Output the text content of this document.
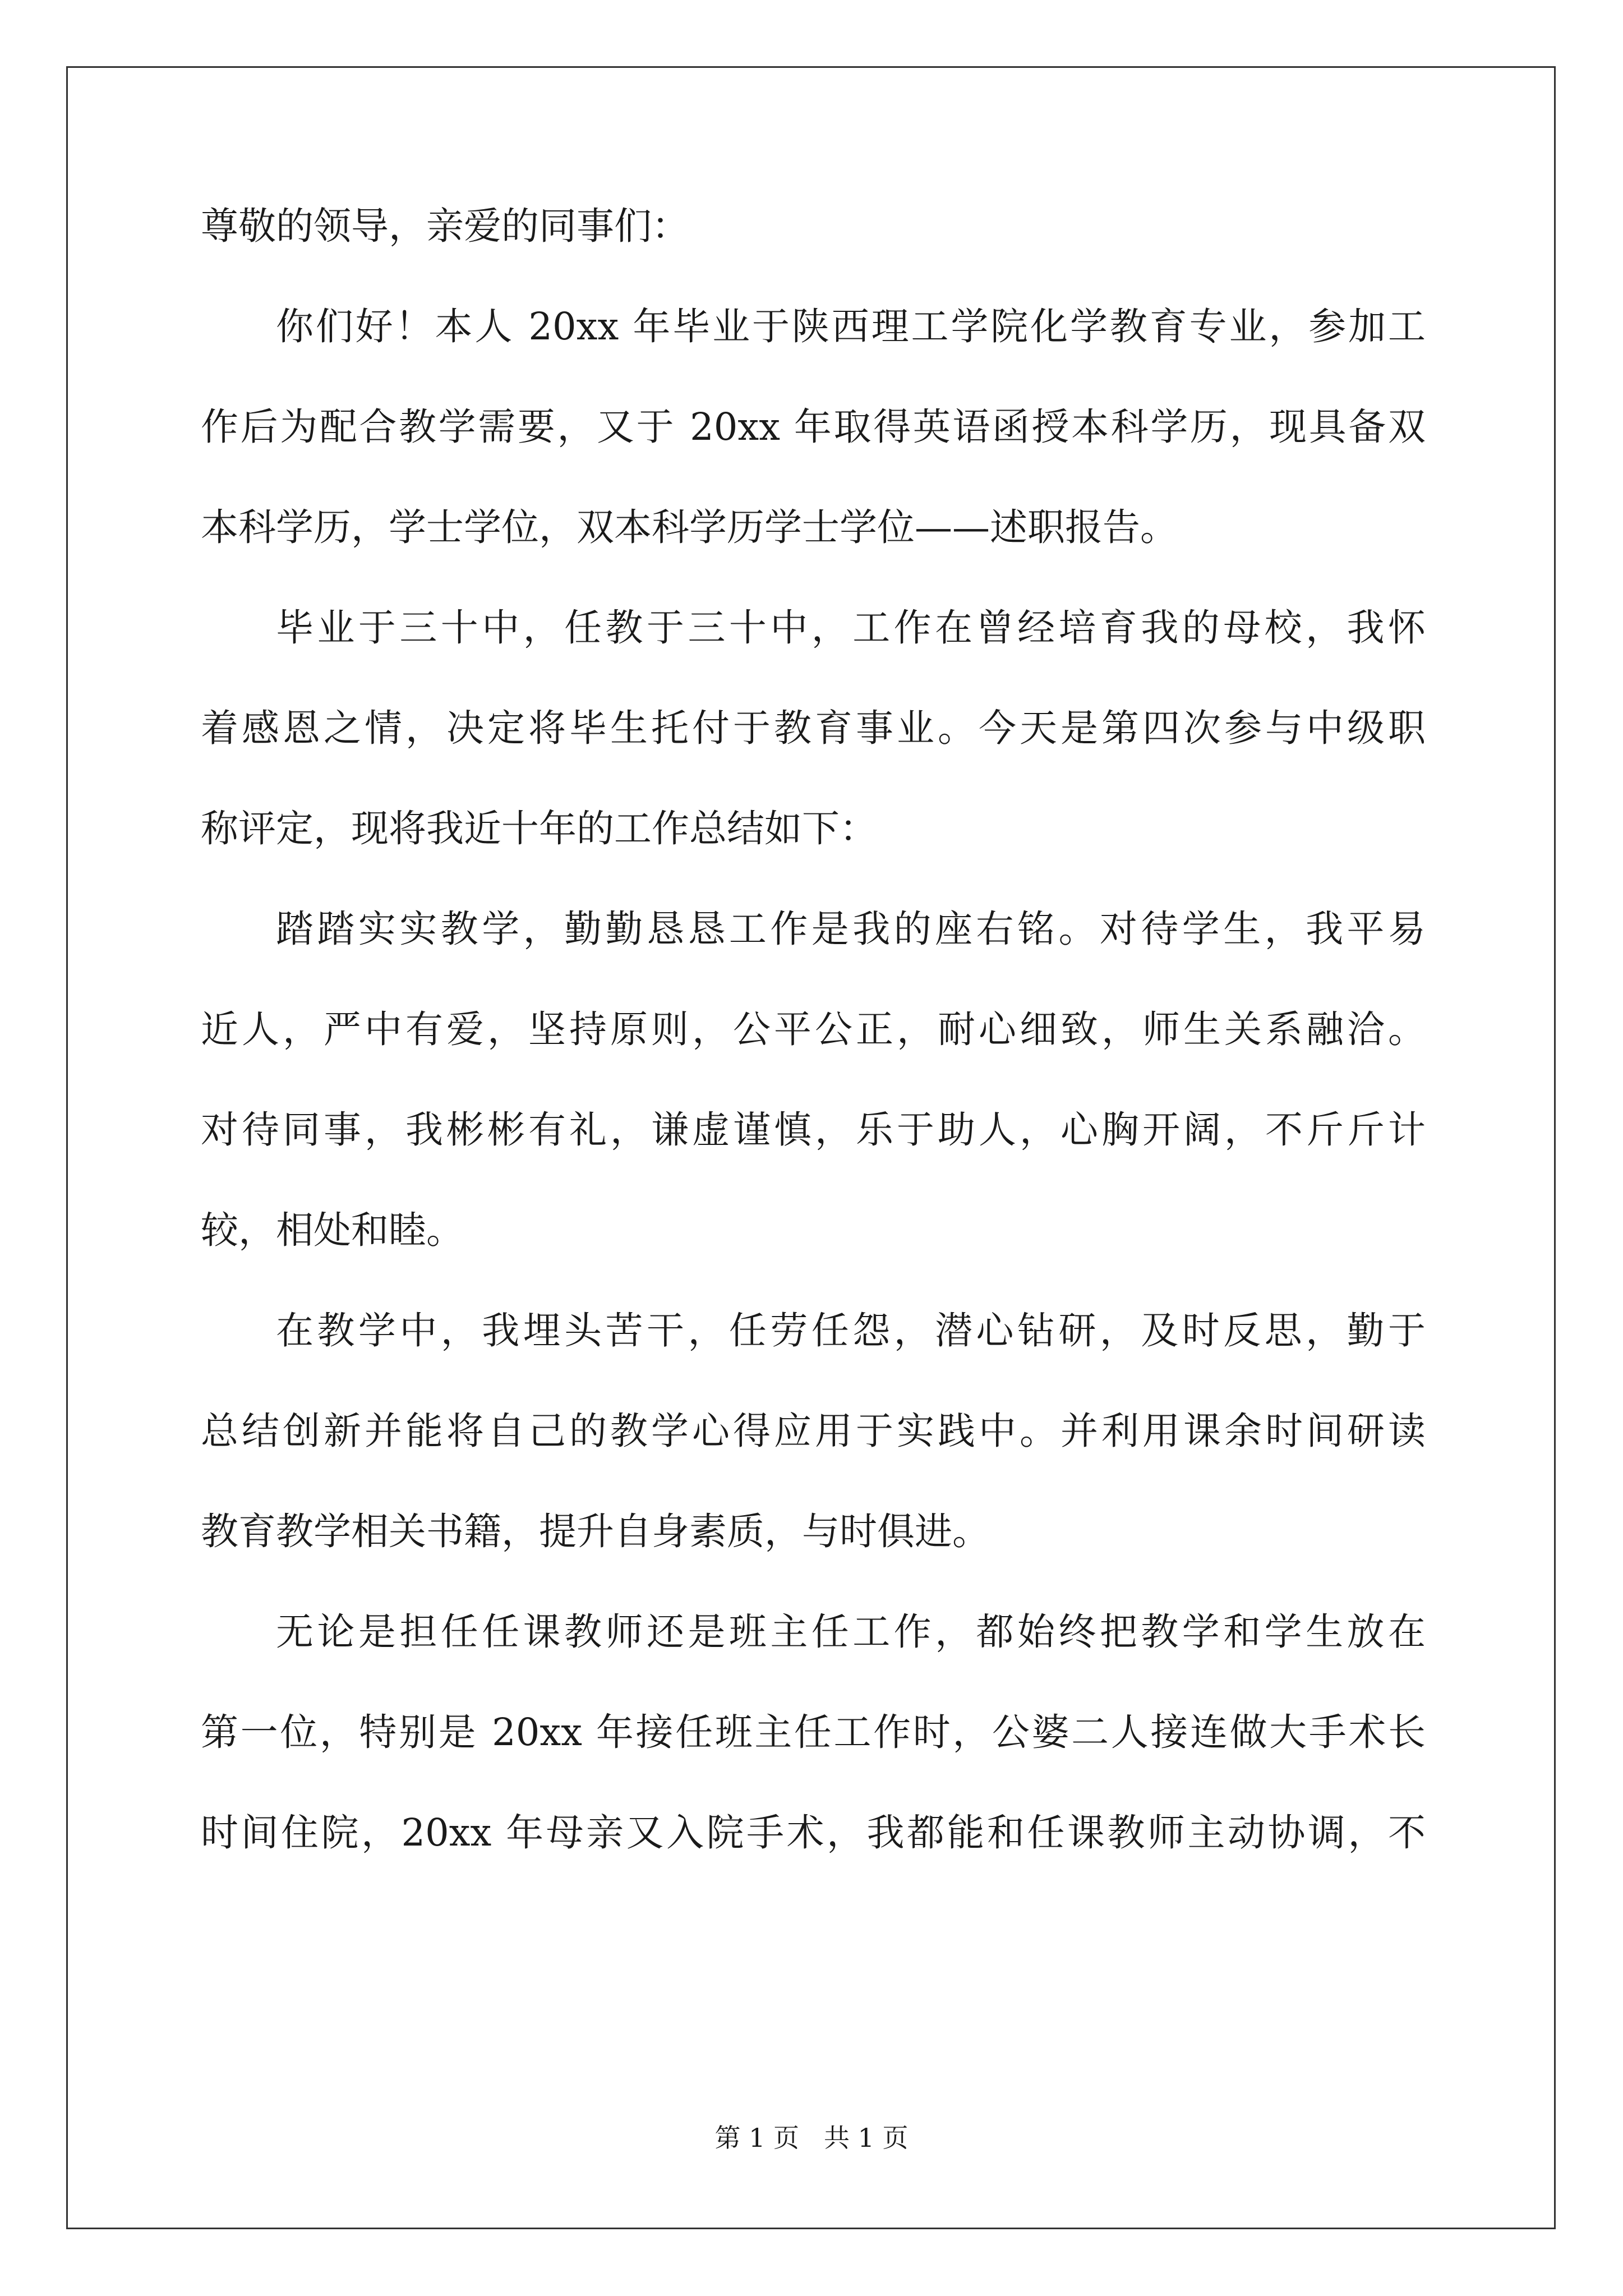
尊敬的领导，亲爱的同事们：

你们好！本人 20xx 年毕业于陕西理工学院化学教育专业，参加工

作后为配合教学需要，又于 20xx 年取得英语函授本科学历，现具备双

本科学历，学士学位，双本科学历学士学位——述职报告。

毕业于三十中，任教于三十中，工作在曾经培育我的母校，我怀

着感恩之情，决定将毕生托付于教育事业。今天是第四次参与中级职

称评定，现将我近十年的工作总结如下：

踏踏实实教学，勤勤恳恳工作是我的座右铭。对待学生，我平易

近人，严中有爱，坚持原则，公平公正，耐心细致，师生关系融洽。

对待同事，我彬彬有礼，谦虚谨慎，乐于助人，心胸开阔，不斤斤计

较，相处和睦。

在教学中，我埋头苦干，任劳任怨，潜心钻研，及时反思，勤于

总结创新并能将自己的教学心得应用于实践中。并利用课余时间研读

教育教学相关书籍，提升自身素质，与时俱进。

无论是担任任课教师还是班主任工作，都始终把教学和学生放在

第一位，特别是 20xx 年接任班主任工作时，公婆二人接连做大手术长

时间住院，20xx 年母亲又入院手术，我都能和任课教师主动协调，不

第 1 页 共 1 页
